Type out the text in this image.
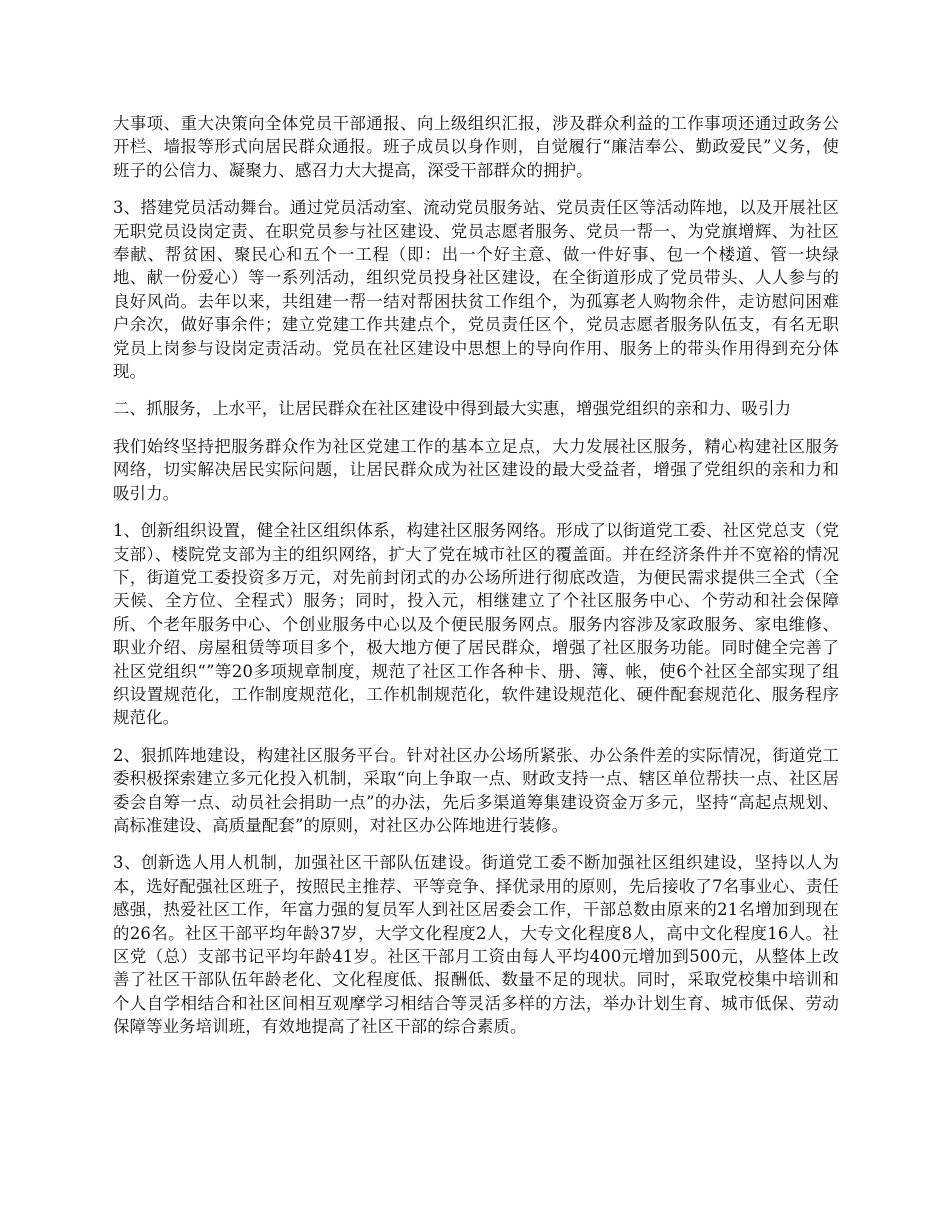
大事项、重大决策向全体党员干部通报、向上级组织汇报，涉及群众利益的工作事项还通过政务公开栏、墙报等形式向居民群众通报。班子成员以身作则，自觉履行“廉洁奉公、勤政爱民”义务，使班子的公信力、凝聚力、感召力大大提高，深受干部群众的拥护。

3、搭建党员活动舞台。通过党员活动室、流动党员服务站、党员责任区等活动阵地，以及开展社区无职党员设岗定责、在职党员参与社区建设、党员志愿者服务、党员一帮一、为党旗增辉、为社区奉献、帮贫困、聚民心和五个一工程（即：出一个好主意、做一件好事、包一个楼道、管一块绿地、献一份爱心）等一系列活动，组织党员投身社区建设，在全街道形成了党员带头、人人参与的良好风尚。去年以来，共组建一帮一结对帮困扶贫工作组个，为孤寡老人购物余件，走访慰问困难户余次，做好事余件；建立党建工作共建点个，党员责任区个，党员志愿者服务队伍支，有名无职党员上岗参与设岗定责活动。党员在社区建设中思想上的导向作用、服务上的带头作用得到充分体现。

二、抓服务，上水平，让居民群众在社区建设中得到最大实惠，增强党组织的亲和力、吸引力

我们始终坚持把服务群众作为社区党建工作的基本立足点，大力发展社区服务，精心构建社区服务网络，切实解决居民实际问题，让居民群众成为社区建设的最大受益者，增强了党组织的亲和力和吸引力。

1、创新组织设置，健全社区组织体系，构建社区服务网络。形成了以街道党工委、社区党总支（党支部）、楼院党支部为主的组织网络，扩大了党在城市社区的覆盖面。并在经济条件并不宽裕的情况下，街道党工委投资多万元，对先前封闭式的办公场所进行彻底改造，为便民需求提供三全式（全天候、全方位、全程式）服务；同时，投入元，相继建立了个社区服务中心、个劳动和社会保障所、个老年服务中心、个创业服务中心以及个便民服务网点。服务内容涉及家政服务、家电维修、职业介绍、房屋租赁等项目多个，极大地方便了居民群众，增强了社区服务功能。同时健全完善了社区党组织“”等20多项规章制度，规范了社区工作各种卡、册、簿、帐，使6个社区全部实现了组织设置规范化，工作制度规范化，工作机制规范化，软件建设规范化、硬件配套规范化、服务程序规范化。

2、狠抓阵地建设，构建社区服务平台。针对社区办公场所紧张、办公条件差的实际情况，街道党工委积极探索建立多元化投入机制，采取“向上争取一点、财政支持一点、辖区单位帮扶一点、社区居委会自筹一点、动员社会捐助一点”的办法，先后多渠道筹集建设资金万多元，坚持“高起点规划、高标准建设、高质量配套”的原则，对社区办公阵地进行装修。

3、创新选人用人机制，加强社区干部队伍建设。街道党工委不断加强社区组织建设，坚持以人为本，选好配强社区班子，按照民主推荐、平等竞争、择优录用的原则，先后接收了7名事业心、责任感强，热爱社区工作，年富力强的复员军人到社区居委会工作，干部总数由原来的21名增加到现在的26名。社区干部平均年龄37岁，大学文化程度2人，大专文化程度8人，高中文化程度16人。社区党（总）支部书记平均年龄41岁。社区干部月工资由每人平均400元增加到500元，从整体上改善了社区干部队伍年龄老化、文化程度低、报酬低、数量不足的现状。同时，采取党校集中培训和个人自学相结合和社区间相互观摩学习相结合等灵活多样的方法，举办计划生育、城市低保、劳动保障等业务培训班，有效地提高了社区干部的综合素质。
